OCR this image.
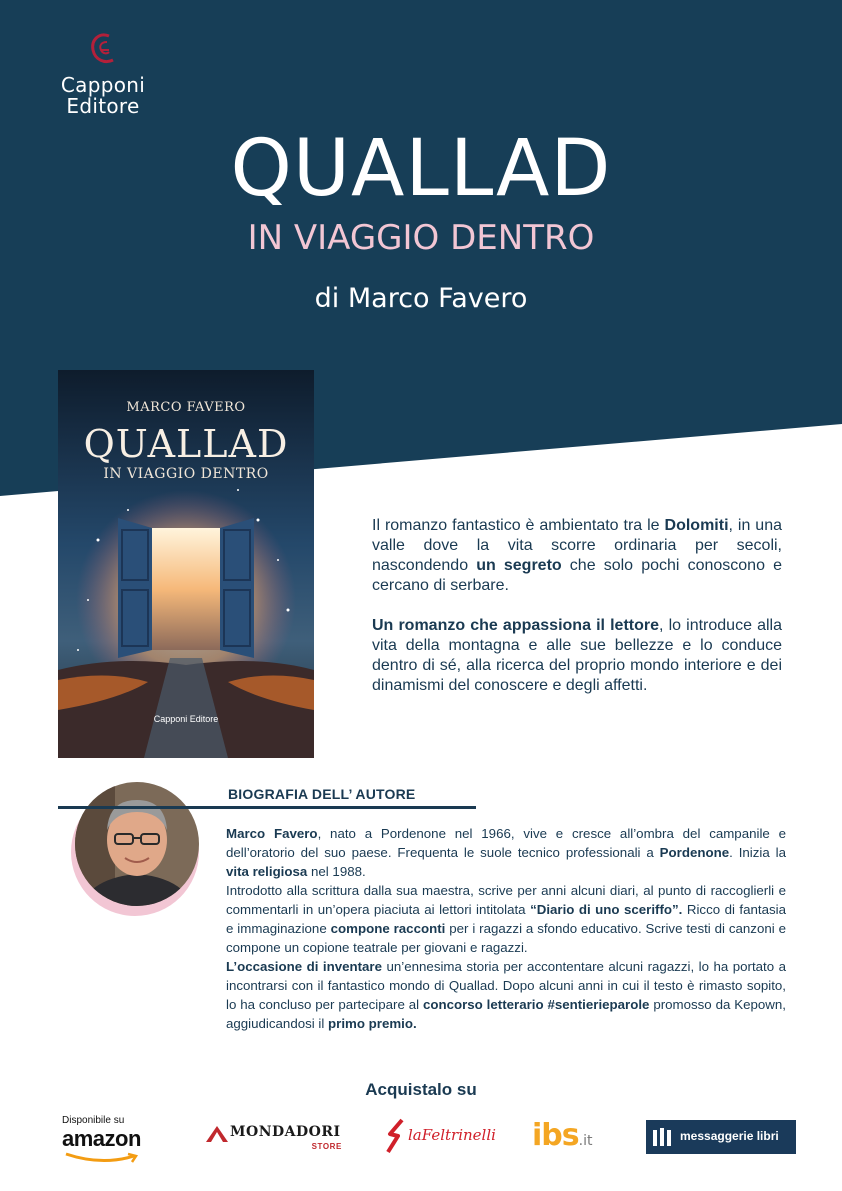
Capponi
Editore
QUALLAD
IN VIAGGIO DENTRO
di Marco Favero
MARCO FAVERO
QUALLAD
IN VIAGGIO DENTRO
Capponi Editore

Il romanzo fantastico è ambientato tra le Dolomiti, in una valle dove la vita scorre ordinaria per secoli, nascondendo un segreto che solo pochi conoscono e cercano di serbare.

Un romanzo che appassiona il lettore, lo introduce alla vita della montagna e alle sue bellezze e lo conduce dentro di sé, alla ricerca del proprio mondo interiore e dei dinamismi del conoscere e degli affetti.

BIOGRAFIA DELL’ AUTORE

Marco Favero, nato a Pordenone nel 1966, vive e cresce all’ombra del campanile e dell’oratorio del suo paese. Frequenta le suole tecnico professionali a Pordenone. Inizia la vita religiosa nel 1988.

Introdotto alla scrittura dalla sua maestra, scrive per anni alcuni diari, al punto di raccoglierli e commentarli in un’opera piaciuta ai lettori intitolata “Diario di uno sceriffo”. Ricco di fantasia e immaginazione compone racconti per i ragazzi a sfondo educativo. Scrive testi di canzoni e compone un copione teatrale per giovani e ragazzi.

L’occasione di inventare un’ennesima storia per accontentare alcuni ragazzi, lo ha portato a incontrarsi con il fantastico mondo di Quallad. Dopo alcuni anni in cui il testo è rimasto sopito, lo ha concluso per partecipare al concorso letterario #sentierieparole promosso da Kepown, aggiudicandosi il primo premio.

Acquistalo su
Disponibile su
amazon	MONDADORI
STORE
laFeltrinelli ibs.it	messaggerie libri
